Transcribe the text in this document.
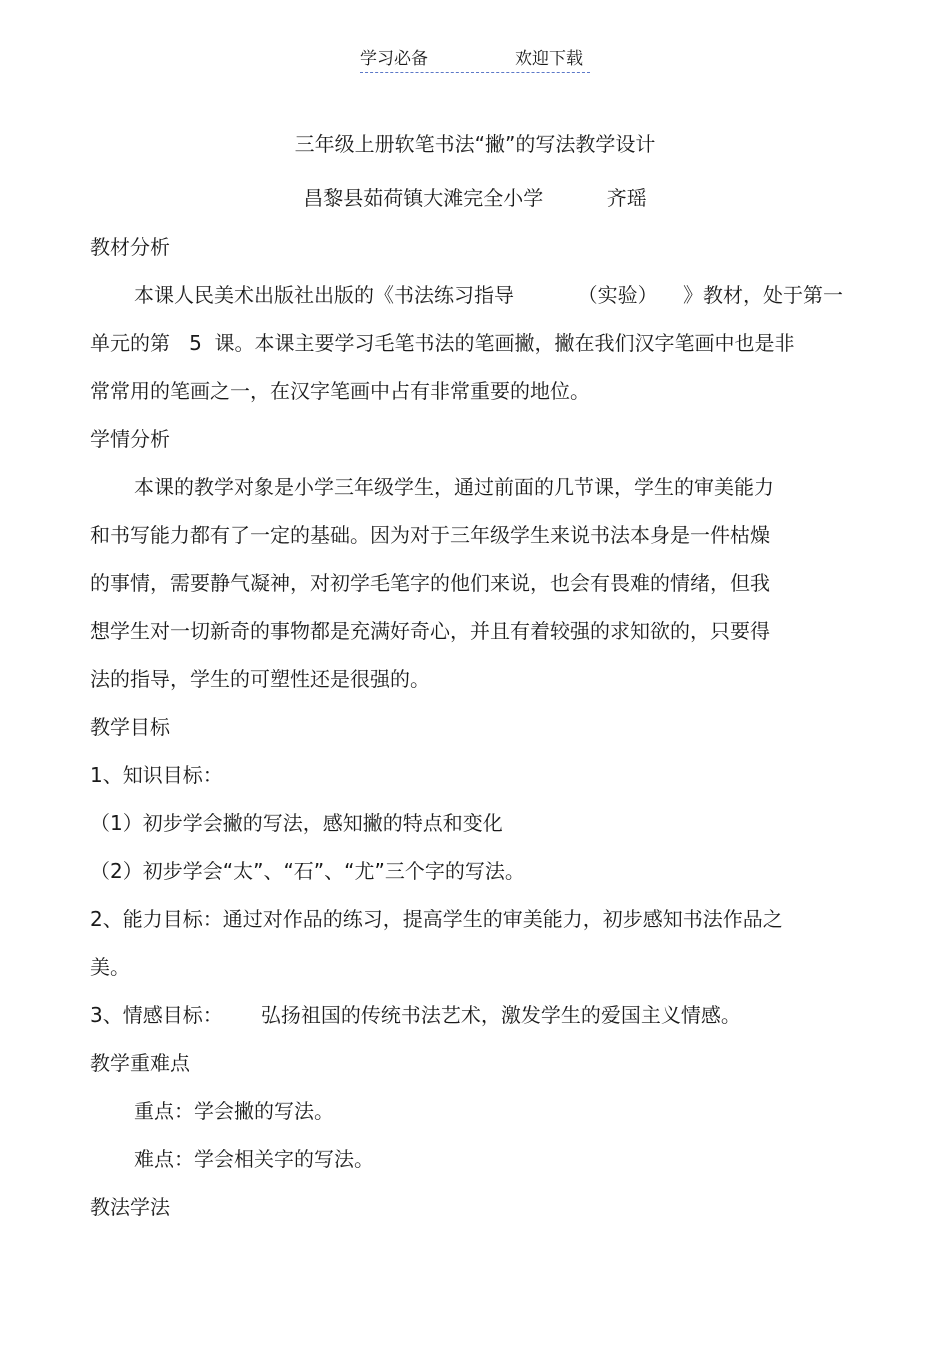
学习必备	欢迎下载
三年级上册软笔书法“撇”的写法教学设计
昌黎县茹荷镇大滩完全小学          齐瑶
教材分析
本课人民美术出版社出版的《书法练习指导          （实验）    》教材，处于第一
单元的第   5  课。本课主要学习毛笔书法的笔画撇，撇在我们汉字笔画中也是非
常常用的笔画之一，在汉字笔画中占有非常重要的地位。
学情分析
本课的教学对象是小学三年级学生，通过前面的几节课，学生的审美能力
和书写能力都有了一定的基础。因为对于三年级学生来说书法本身是一件枯燥
的事情，需要静气凝神，对初学毛笔字的他们来说，也会有畏难的情绪，但我
想学生对一切新奇的事物都是充满好奇心，并且有着较强的求知欲的，只要得
法的指导，学生的可塑性还是很强的。
教学目标
1、知识目标：
（1）初步学会撇的写法，感知撇的特点和变化
（2）初步学会“太”、“石”、“尤”三个字的写法。
2、能力目标：通过对作品的练习，提高学生的审美能力，初步感知书法作品之
美。
3、情感目标：      弘扬祖国的传统书法艺术，激发学生的爱国主义情感。
教学重难点
重点：学会撇的写法。
难点：学会相关字的写法。
教法学法
